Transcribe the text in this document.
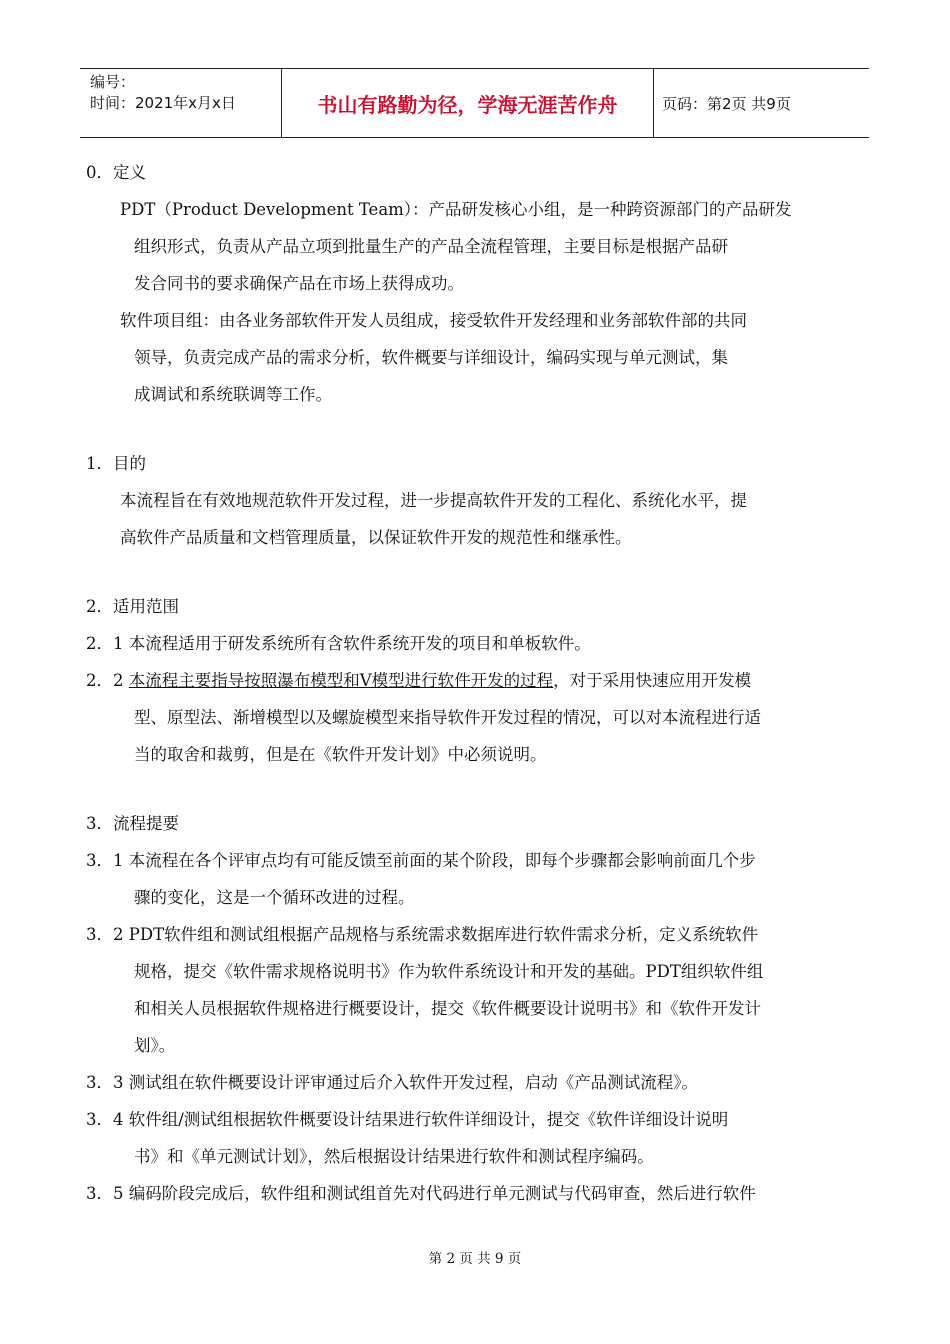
编号：
时间：2021年x月x日	书山有路勤为径，学海无涯苦作舟	页码：第2页 共9页
0．定义
PDT（Product Development Team）：产品研发核心小组，是一种跨资源部门的产品研发
组织形式，负责从产品立项到批量生产的产品全流程管理，主要目标是根据产品研
发合同书的要求确保产品在市场上获得成功。
软件项目组：由各业务部软件开发人员组成，接受软件开发经理和业务部软件部的共同
领导，负责完成产品的需求分析，软件概要与详细设计，编码实现与单元测试，集
成调试和系统联调等工作。
1．目的
本流程旨在有效地规范软件开发过程，进一步提高软件开发的工程化、系统化水平，提
高软件产品质量和文档管理质量，以保证软件开发的规范性和继承性。
2．适用范围
2．1 本流程适用于研发系统所有含软件系统开发的项目和单板软件。
2．2 本流程主要指导按照瀑布模型和V模型进行软件开发的过程，对于采用快速应用开发模
型、原型法、渐增模型以及螺旋模型来指导软件开发过程的情况，可以对本流程进行适
当的取舍和裁剪，但是在《软件开发计划》中必须说明。
3．流程提要
3．1 本流程在各个评审点均有可能反馈至前面的某个阶段，即每个步骤都会影响前面几个步
骤的变化，这是一个循环改进的过程。
3．2 PDT软件组和测试组根据产品规格与系统需求数据库进行软件需求分析，定义系统软件
规格，提交《软件需求规格说明书》作为软件系统设计和开发的基础。PDT组织软件组
和相关人员根据软件规格进行概要设计，提交《软件概要设计说明书》和《软件开发计
划》。
3．3 测试组在软件概要设计评审通过后介入软件开发过程，启动《产品测试流程》。
3．4 软件组/测试组根据软件概要设计结果进行软件详细设计，提交《软件详细设计说明
书》和《单元测试计划》，然后根据设计结果进行软件和测试程序编码。
3．5 编码阶段完成后，软件组和测试组首先对代码进行单元测试与代码审查，然后进行软件
第 2 页 共 9 页
